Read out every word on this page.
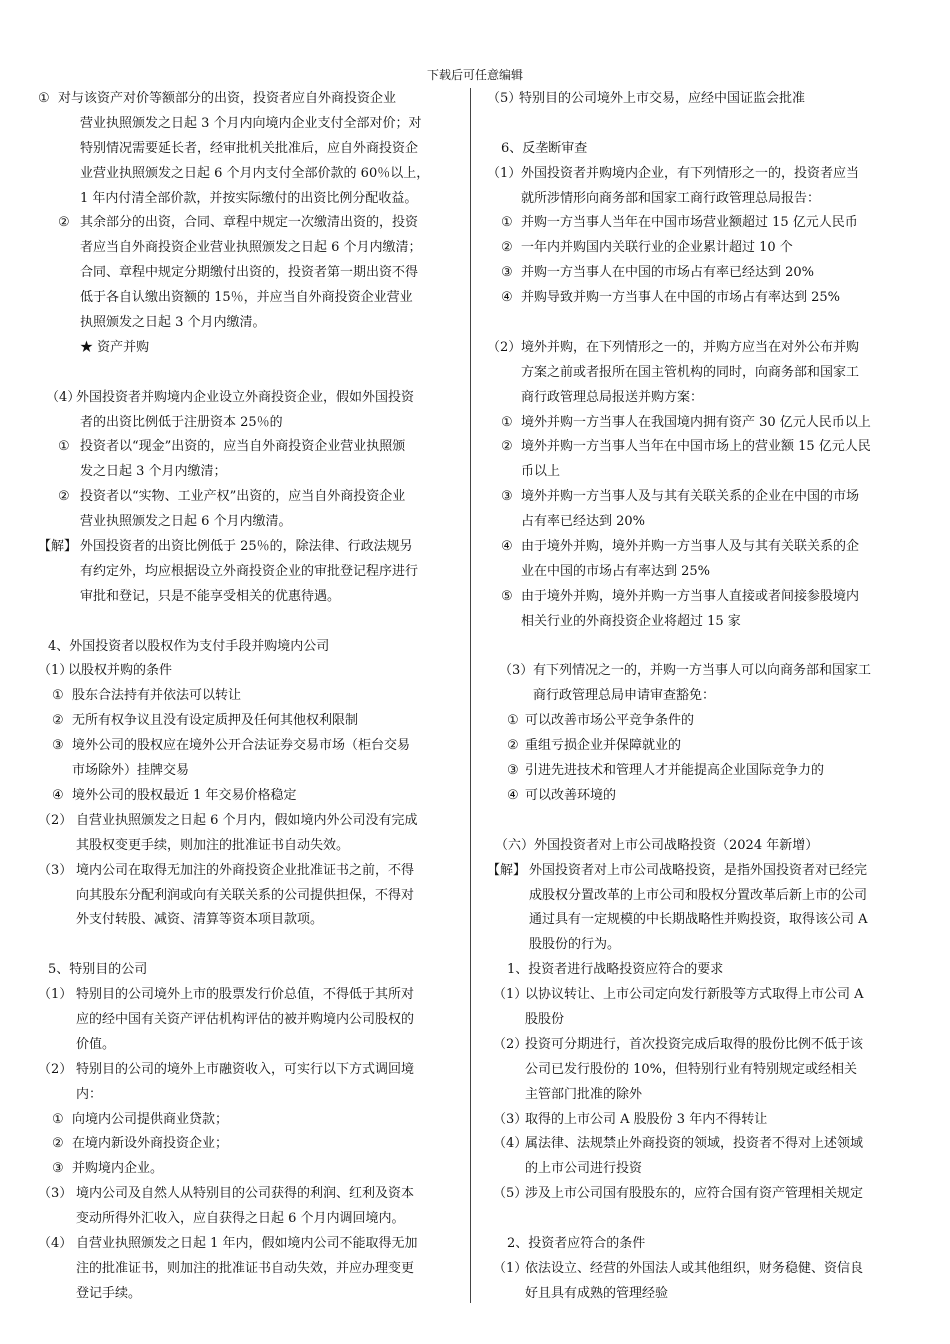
下载后可任意编辑
① 对与该资产对价等额部分的出资，投资者应自外商投资企业
营业执照颁发之日起 3 个月内向境内企业支付全部对价；对
特别情况需要延长者，经审批机关批准后，应自外商投资企
业营业执照颁发之日起 6 个月内支付全部价款的 60％以上，
1 年内付清全部价款，并按实际缴付的出资比例分配收益。
② 其余部分的出资，合同、章程中规定一次缴清出资的，投资
者应当自外商投资企业营业执照颁发之日起 6 个月内缴清；
合同、章程中规定分期缴付出资的，投资者第一期出资不得
低于各自认缴出资额的 15％，并应当自外商投资企业营业
执照颁发之日起 3 个月内缴清。
★ 资产并购
（4）
外国投资者并购境内企业设立外商投资企业，假如外国投资
者的出资比例低于注册资本 25％的
① 投资者以“现金”出资的，应当自外商投资企业营业执照颁
发之日起 3 个月内缴清；
② 投资者以“实物、工业产权”出资的，应当自外商投资企业
营业执照颁发之日起 6 个月内缴清。
【解】 外国投资者的出资比例低于 25％的，除法律、行政法规另
有约定外，均应根据设立外商投资企业的审批登记程序进行
审批和登记，只是不能享受相关的优惠待遇。
4、外国投资者以股权作为支付手段并购境内公司
（1）
以股权并购的条件
① 股东合法持有并依法可以转让
② 无所有权争议且没有设定质押及任何其他权利限制
③ 境外公司的股权应在境外公开合法证券交易市场（柜台交易
市场除外）挂牌交易
④ 境外公司的股权最近 1 年交易价格稳定
（2） 自营业执照颁发之日起 6 个月内，假如境内外公司没有完成
其股权变更手续，则加注的批准证书自动失效。
（3） 境内公司在取得无加注的外商投资企业批准证书之前，不得
向其股东分配利润或向有关联关系的公司提供担保，不得对
外支付转股、减资、清算等资本项目款项。
5、特别目的公司
（1） 特别目的公司境外上市的股票发行价总值，不得低于其所对
应的经中国有关资产评估机构评估的被并购境内公司股权的
价值。
（2） 特别目的公司的境外上市融资收入，可实行以下方式调回境
内：
① 向境内公司提供商业贷款；
② 在境内新设外商投资企业；
③ 并购境内企业。
（3） 境内公司及自然人从特别目的公司获得的利润、红利及资本
变动所得外汇收入，应自获得之日起 6 个月内调回境内。
（4） 自营业执照颁发之日起 1 年内，假如境内公司不能取得无加
注的批准证书，则加注的批准证书自动失效，并应办理变更
登记手续。
（5）
特别目的公司境外上市交易，应经中国证监会批准
6、反垄断审查
（1） 外国投资者并购境内企业，有下列情形之一的，投资者应当
就所涉情形向商务部和国家工商行政管理总局报告：
① 并购一方当事人当年在中国市场营业额超过 15 亿元人民币
② 一年内并购国内关联行业的企业累计超过 10 个
③ 并购一方当事人在中国的市场占有率已经达到 20%
④ 并购导致并购一方当事人在中国的市场占有率达到 25%
（2） 境外并购，在下列情形之一的，并购方应当在对外公布并购
方案之前或者报所在国主管机构的同时，向商务部和国家工
商行政管理总局报送并购方案：
① 境外并购一方当事人在我国境内拥有资产 30 亿元人民币以上
② 境外并购一方当事人当年在中国市场上的营业额 15 亿元人民
币以上
③ 境外并购一方当事人及与其有关联关系的企业在中国的市场
占有率已经达到 20%
④ 由于境外并购，境外并购一方当事人及与其有关联关系的企
业在中国的市场占有率达到 25%
⑤ 由于境外并购，境外并购一方当事人直接或者间接参股境内
相关行业的外商投资企业将超过 15 家
（3） 有下列情况之一的，并购一方当事人可以向商务部和国家工
商行政管理总局申请审查豁免：
① 可以改善市场公平竞争条件的
② 重组亏损企业并保障就业的
③ 引进先进技术和管理人才并能提高企业国际竞争力的
④ 可以改善环境的
（六）外国投资者对上市公司战略投资（2024 年新增）
【解】 外国投资者对上市公司战略投资，是指外国投资者对已经完
成股权分置改革的上市公司和股权分置改革后新上市的公司
通过具有一定规模的中长期战略性并购投资，取得该公司 A
股股份的行为。
1、投资者进行战略投资应符合的要求
（1）
以协议转让、上市公司定向发行新股等方式取得上市公司 A
股股份
（2）
投资可分期进行，首次投资完成后取得的股份比例不低于该
公司已发行股份的 10%，但特别行业有特别规定或经相关
主管部门批准的除外
（3）
取得的上市公司 A 股股份 3 年内不得转让
（4）
属法律、法规禁止外商投资的领域，投资者不得对上述领域
的上市公司进行投资
（5）
涉及上市公司国有股股东的，应符合国有资产管理相关规定
2、投资者应符合的条件
（1）
依法设立、经营的外国法人或其他组织，财务稳健、资信良
好且具有成熟的管理经验
